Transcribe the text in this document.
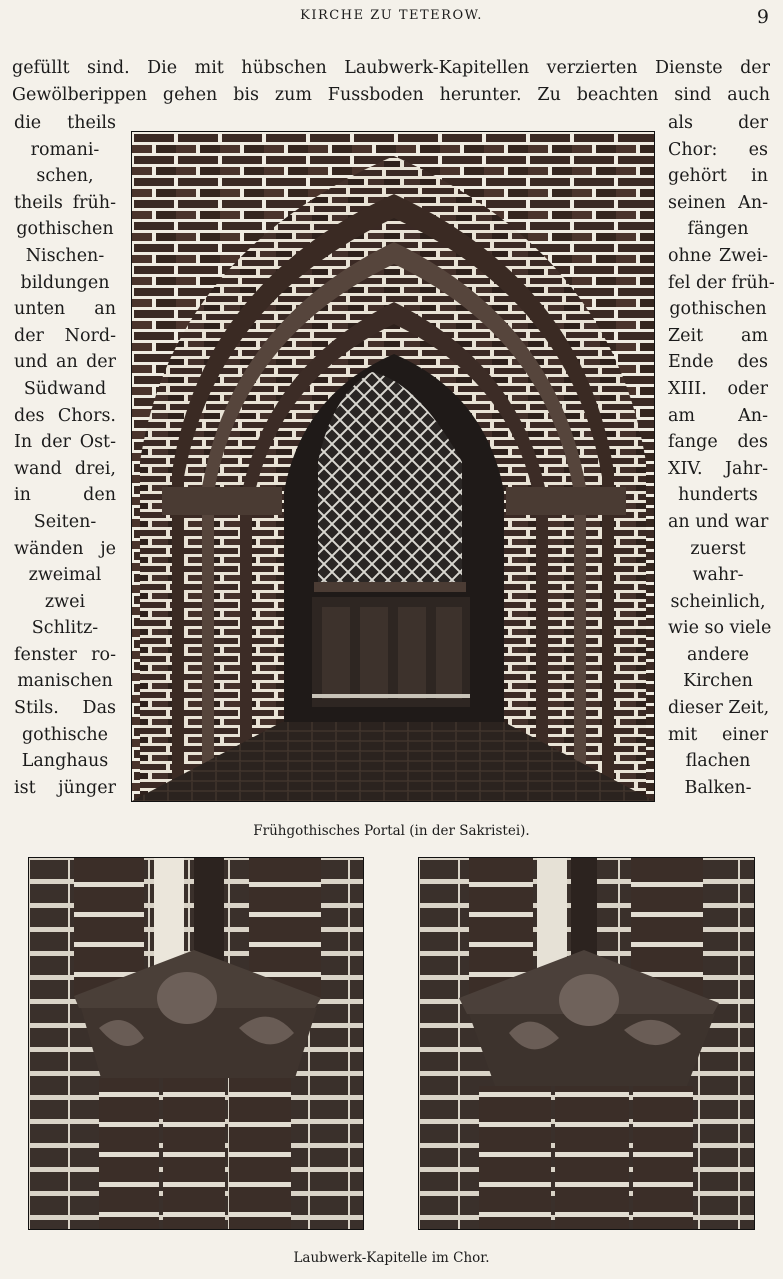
KIRCHE ZU TETEROW.	9
gefüllt sind. Die mit hübschen Laubwerk-Kapitellen verzierten Dienste der
Gewölberippen gehen bis zum Fussboden herunter. Zu beachten sind auch
die theils
romani-
schen,
theils früh-
gothischen
Nischen-
bildungen
unten an
der Nord-
und an der
Südwand
des Chors.
In der Ost-
wand drei,
in den
Seiten-
wänden je
zweimal
zwei
Schlitz-
fenster ro-
manischen
Stils. Das
gothische
Langhaus
ist jünger
als der
Chor: es
gehört in
seinen An-
fängen
ohne Zwei-
fel der früh-
gothischen
Zeit am
Ende des
XIII. oder
am An-
fange des
XIV. Jahr-
hunderts
an und war
zuerst
wahr-
scheinlich,
wie so viele
andere
Kirchen
dieser Zeit,
mit einer
flachen
Balken-
Frühgothisches Portal (in der Sakristei).
Laubwerk-Kapitelle im Chor.
